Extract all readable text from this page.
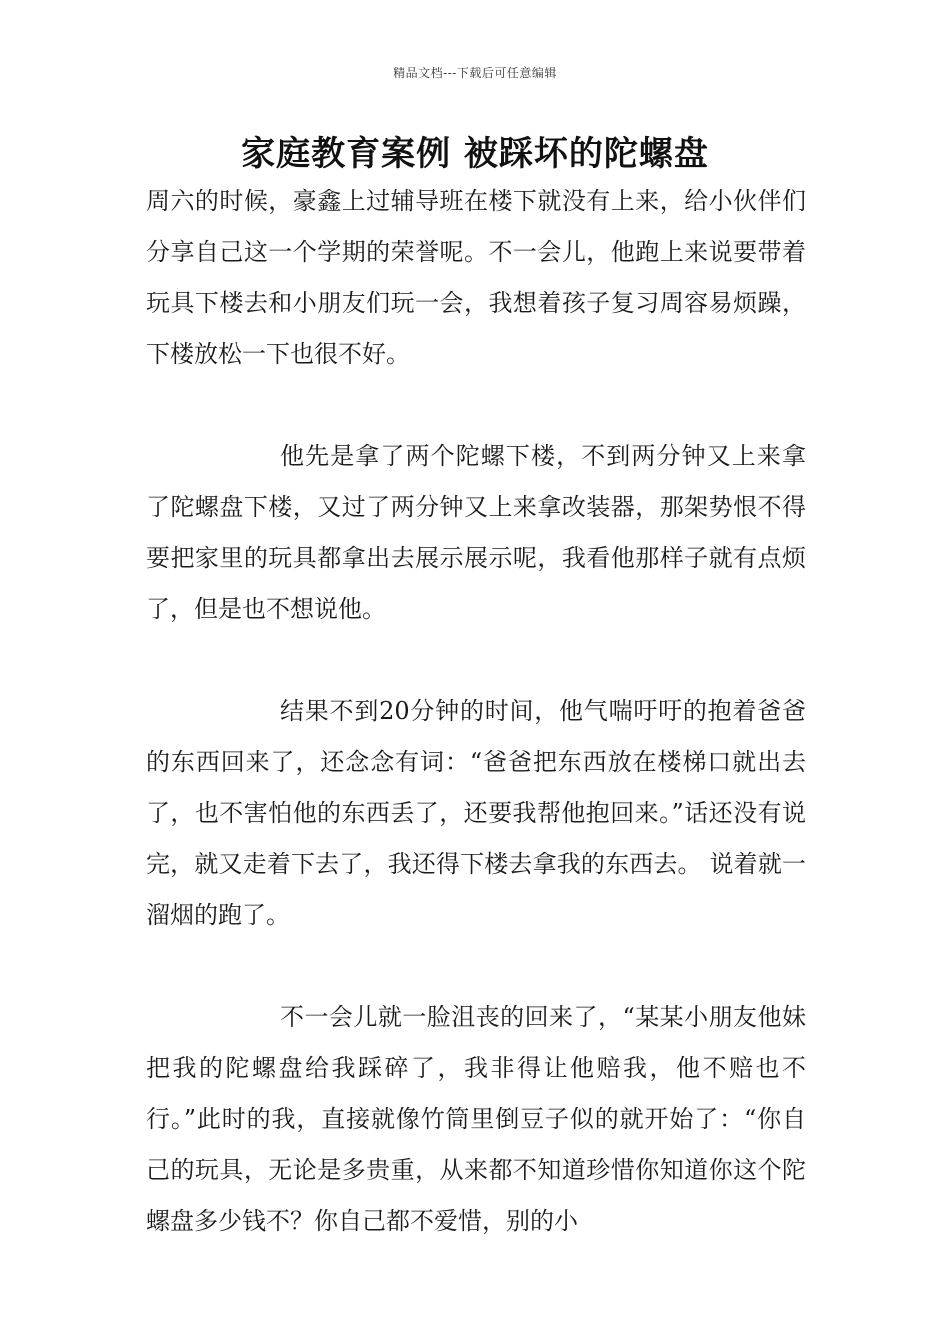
精品文档---下载后可任意编辑
家庭教育案例 被踩坏的陀螺盘

周六的时候，豪鑫上过辅导班在楼下就没有上来，给小伙伴们分享自己这一个学期的荣誉呢。不一会儿，他跑上来说要带着玩具下楼去和小朋友们玩一会，我想着孩子复习周容易烦躁，下楼放松一下也很不好。

他先是拿了两个陀螺下楼，不到两分钟又上来拿了陀螺盘下楼，又过了两分钟又上来拿改装器，那架势恨不得要把家里的玩具都拿出去展示展示呢，我看他那样子就有点烦了，但是也不想说他。

结果不到20分钟的时间，他气喘吁吁的抱着爸爸的东西回来了，还念念有词：“爸爸把东西放在楼梯口就出去了，也不害怕他的东西丢了，还要我帮他抱回来。”话还没有说完，就又走着下去了，我还得下楼去拿我的东西去。 说着就一溜烟的跑了。

不一会儿就一脸沮丧的回来了，“某某小朋友他妹把我的陀螺盘给我踩碎了，我非得让他赔我，他不赔也不行。”此时的我，直接就像竹筒里倒豆子似的就开始了：“你自己的玩具，无论是多贵重，从来都不知道珍惜你知道你这个陀螺盘多少钱不？你自己都不爱惜，别的小
